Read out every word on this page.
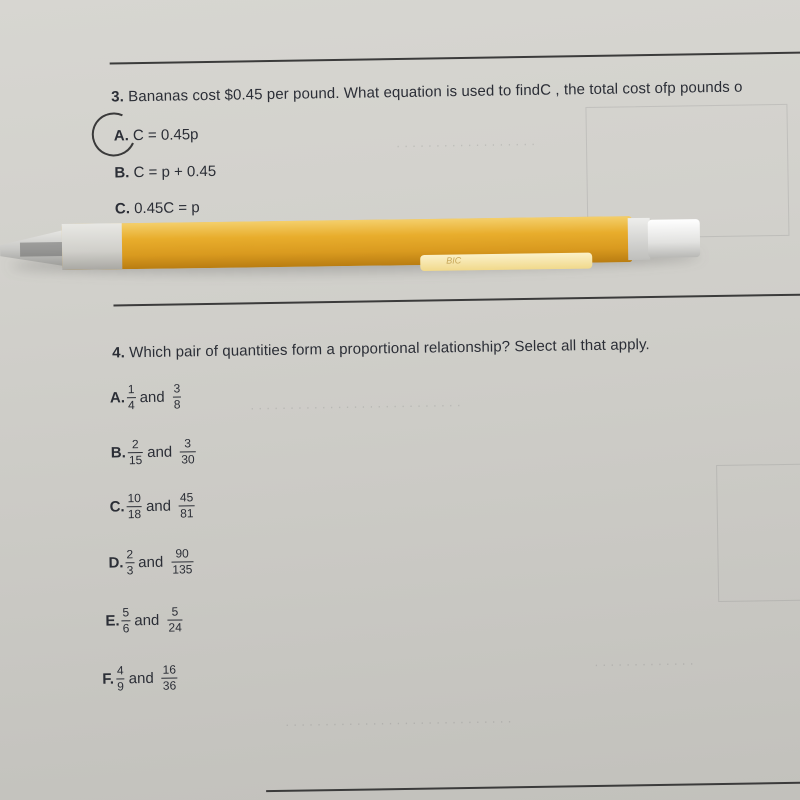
· · · · · · · · · · · · · · · · · ·
· · · · · · · · · · · · · · · · · · · · · · · · · · ·
· · · · · · · · · · · · ·
· · · · · · · · · · · · · · · · · · · · · · · · · · · · ·
3. Bananas cost $0.45 per pound. What equation is used to findC , the total cost ofp pounds o
A. C = 0.45p
B. C = p + 0.45
C. 0.45C = p
4. Which pair of quantities form a proportional relationship? Select all that apply.
A. $\frac{1}{4}$ and $\frac{3}{8}$
B. $\frac{2}{15}$ and $\frac{3}{30}$
C. $\frac{10}{18}$ and $\frac{45}{81}$
D. $\frac{2}{3}$ and $\frac{90}{135}$
E. $\frac{5}{6}$ and $\frac{5}{24}$
F. $\frac{4}{9}$ and $\frac{16}{36}$
BIC
